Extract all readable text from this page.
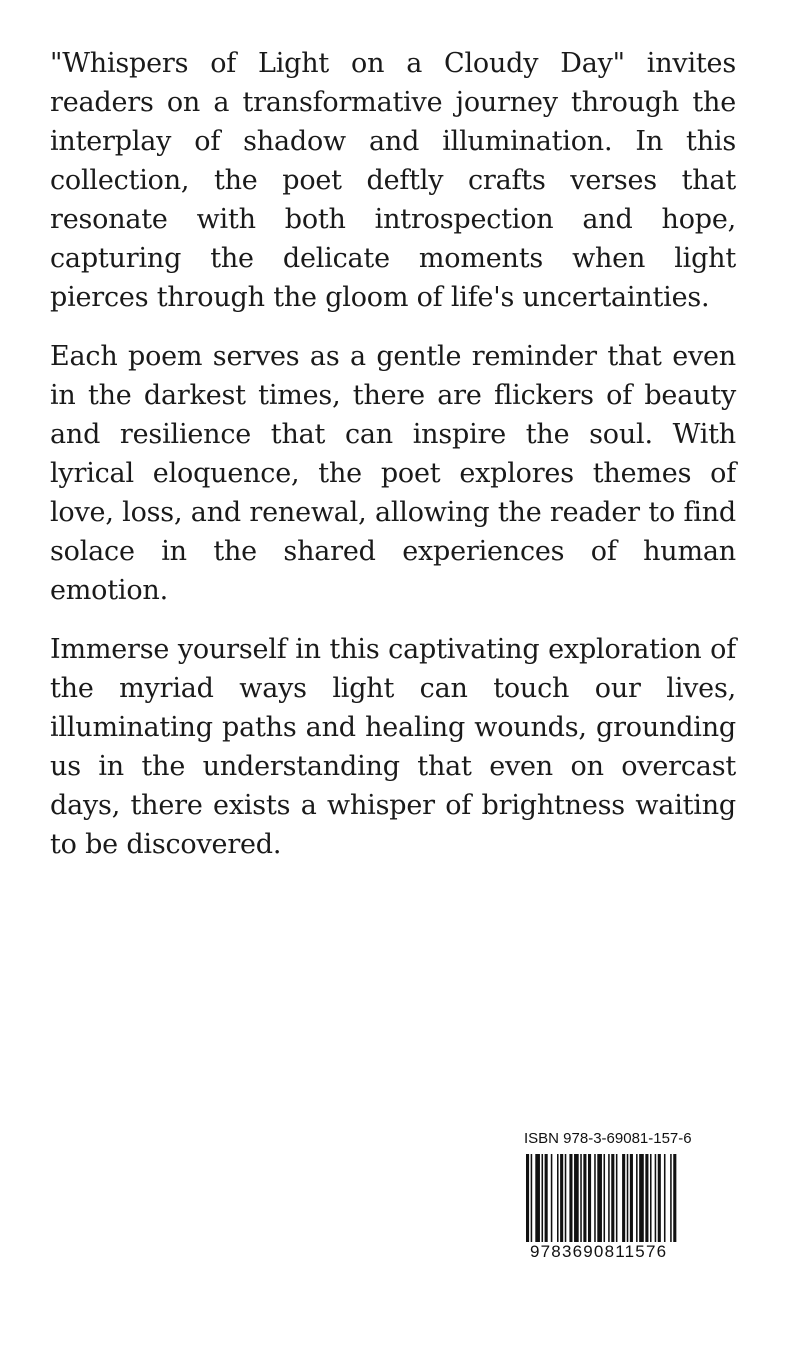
"Whispers of Light on a Cloudy Day" invites readers on a transformative journey through the interplay of shadow and illumination. In this collection, the poet deftly crafts verses that resonate with both introspection and hope, capturing the delicate moments when light pierces through the gloom of life's uncertainties.

Each poem serves as a gentle reminder that even in the darkest times, there are flickers of beauty and resilience that can inspire the soul. With lyrical eloquence, the poet explores themes of love, loss, and renewal, allowing the reader to find solace in the shared experiences of human emotion.

Immerse yourself in this captivating exploration of the myriad ways light can touch our lives, illuminating paths and healing wounds, grounding us in the understanding that even on overcast days, there exists a whisper of brightness waiting to be discovered.

ISBN 978-3-69081-157-6
9783690811576
